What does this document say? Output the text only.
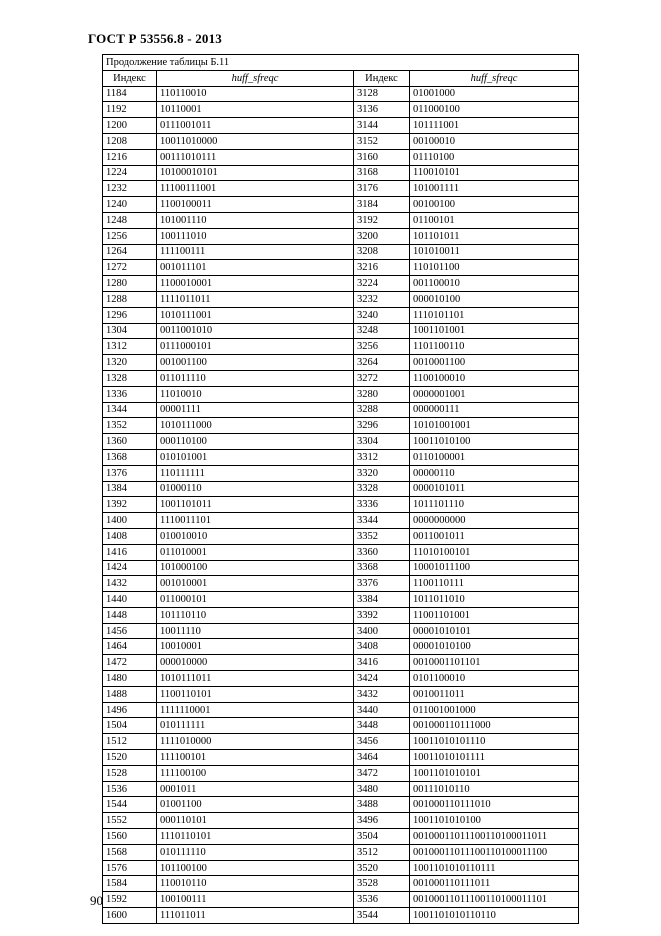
ГОСТ Р 53556.8 - 2013
Продолжение таблицы Б.11			
Индекс	huff_sfreqc	Индекс	huff_sfreqc
1184	110110010	3128	01001000
1192	10110001	3136	011000100
1200	0111001011	3144	101111001
1208	10011010000	3152	00100010
1216	00111010111	3160	01110100
1224	10100010101	3168	110010101
1232	11100111001	3176	101001111
1240	1100100011	3184	00100100
1248	101001110	3192	01100101
1256	100111010	3200	101101011
1264	111100111	3208	101010011
1272	001011101	3216	110101100
1280	1100010001	3224	001100010
1288	1111011011	3232	000010100
1296	1010111001	3240	1110101101
1304	0011001010	3248	1001101001
1312	0111000101	3256	1101100110
1320	001001100	3264	0010001100
1328	011011110	3272	1100100010
1336	11010010	3280	0000001001
1344	00001111	3288	000000111
1352	1010111000	3296	10101001001
1360	000110100	3304	10011010100
1368	010101001	3312	0110100001
1376	110111111	3320	00000110
1384	01000110	3328	0000101011
1392	1001101011	3336	1011101110
1400	1110011101	3344	0000000000
1408	010010010	3352	0011001011
1416	011010001	3360	11010100101
1424	101000100	3368	10001011100
1432	001010001	3376	1100110111
1440	011000101	3384	1011011010
1448	101110110	3392	11001101001
1456	10011110	3400	00001010101
1464	10010001	3408	00001010100
1472	000010000	3416	0010001101101
1480	1010111011	3424	0101100010
1488	1100110101	3432	0010011011
1496	1111110001	3440	011001001000
1504	010111111	3448	001000110111000
1512	1111010000	3456	10011010101110
1520	111100101	3464	10011010101111
1528	111100100	3472	1001101010101
1536	0001011	3480	00111010110
1544	01001100	3488	001000110111010
1552	000110101	3496	1001101010100
1560	1110110101	3504	00100011011100110100011011
1568	010111110	3512	00100011011100110100011100
1576	101100100	3520	1001101010110111
1584	110010110	3528	001000110111011
1592	100100111	3536	00100011011100110100011101
1600	111011011	3544	1001101010110110
90
